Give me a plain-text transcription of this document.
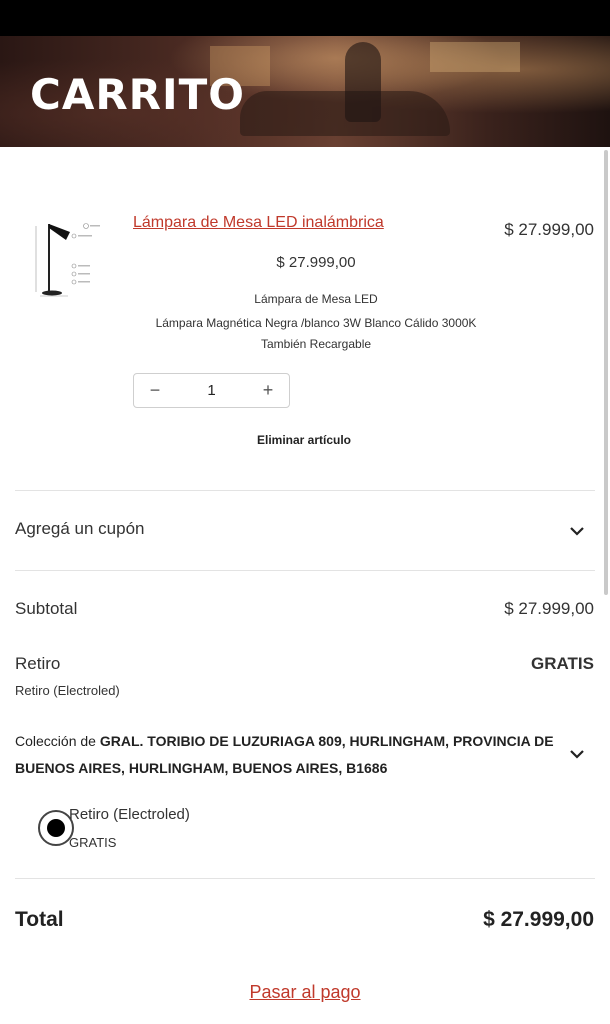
CARRITO
Lámpara de Mesa LED inalámbrica	$ 27.999,00
$ 27.999,00
Lámpara de Mesa LED
Lámpara Magnética Negra /blanco 3W Blanco Cálido 3000K
También Recargable
−	1	+
Eliminar artículo
Agregá un cupón
Subtotal	$ 27.999,00
Retiro	GRATIS
Retiro (Electroled)
Colección de GRAL. TORIBIO DE LUZURIAGA 809, HURLINGHAM, PROVINCIA DE BUENOS AIRES, HURLINGHAM, BUENOS AIRES, B1686
Retiro (Electroled)
GRATIS
Total	$ 27.999,00
Pasar al pago
